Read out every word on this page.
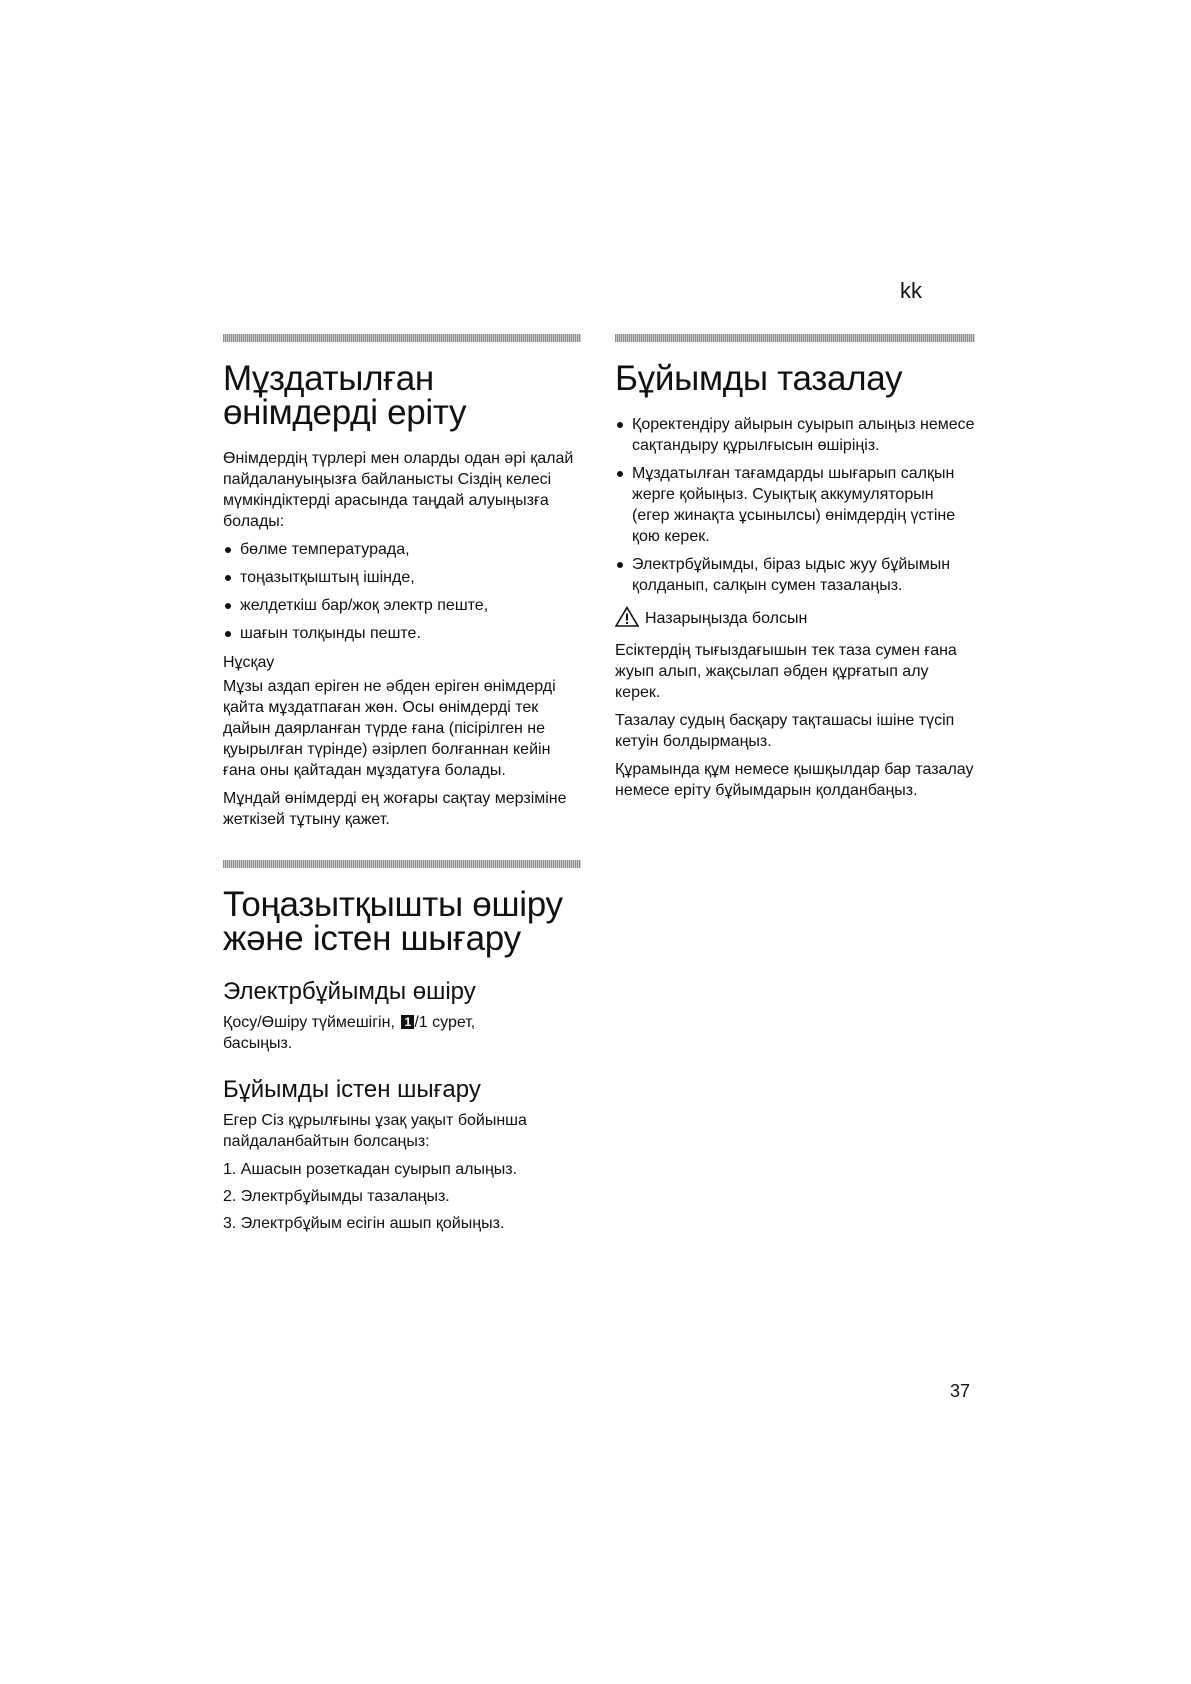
kk
Мұздатылған өнімдерді еріту

Өнімдердің түрлері мен оларды одан әрі қалай пайдалануыңызға байланысты Сіздің келесі мүмкіндіктерді арасында таңдай алуыңызға болады:

бөлме температурада,
тоңазытқыштың ішінде,
желдеткіш бар/жоқ электр пеште,
шағын толқынды пеште.
Нұсқау

Мұзы аздап ерiген не әбден ерiген өнiмдердi қайта мұздатпаған жөн. Осы өнiмдердi тек дайын даярланған түрде ғана (пiсiрiлген не қуырылған түрiнде) әзiрлеп болғаннан кейiн ғана оны қайтадан мұздатуға болады.

Мұндай өнімдерді ең жоғары сақтау мерзіміне жеткізей тұтыну қажет.

Тоңазытқышты өшіру және істен шығару
Электрбұйымды өшіру

Қосу/Өшіру түймешігін, 1 /1 сурет,
басыңыз.

Бұйымды істен шығару

Егер Сіз құрылғыны ұзақ уақыт бойынша пайдаланбайтын болсаңыз:

1. Ашасын розеткадан суырып алыңыз.
2. Электрбұйымды тазалаңыз.
3. Электрбұйым есігін ашып қойыңыз.
Бұйымды тазалау
Қоректендіру айырын суырып алыңыз немесе сақтандыру құрылғысын өшіріңіз.
Мұздатылған тағамдарды шығарып салқын жерге қойыңыз. Суықтық аккумуляторын (егер жинақта ұсынылсы) өнімдердің үстіне қою керек.
Электрбұйымды, біраз ыдыс жуу бұйымын қолданып, салқын сумен тазалаңыз.
Назарыңызда болсын

Есіктердің тығыздағышын тек таза сумен ғана жуып алып, жақсылап әбден құрғатып алу керек.

Тазалау судың басқару тақташасы ішіне түсіп кетуін болдырмаңыз.

Құрамында құм немесе қышқылдар бар тазалау немесе еріту бұйымдарын қолданбаңыз.

37
